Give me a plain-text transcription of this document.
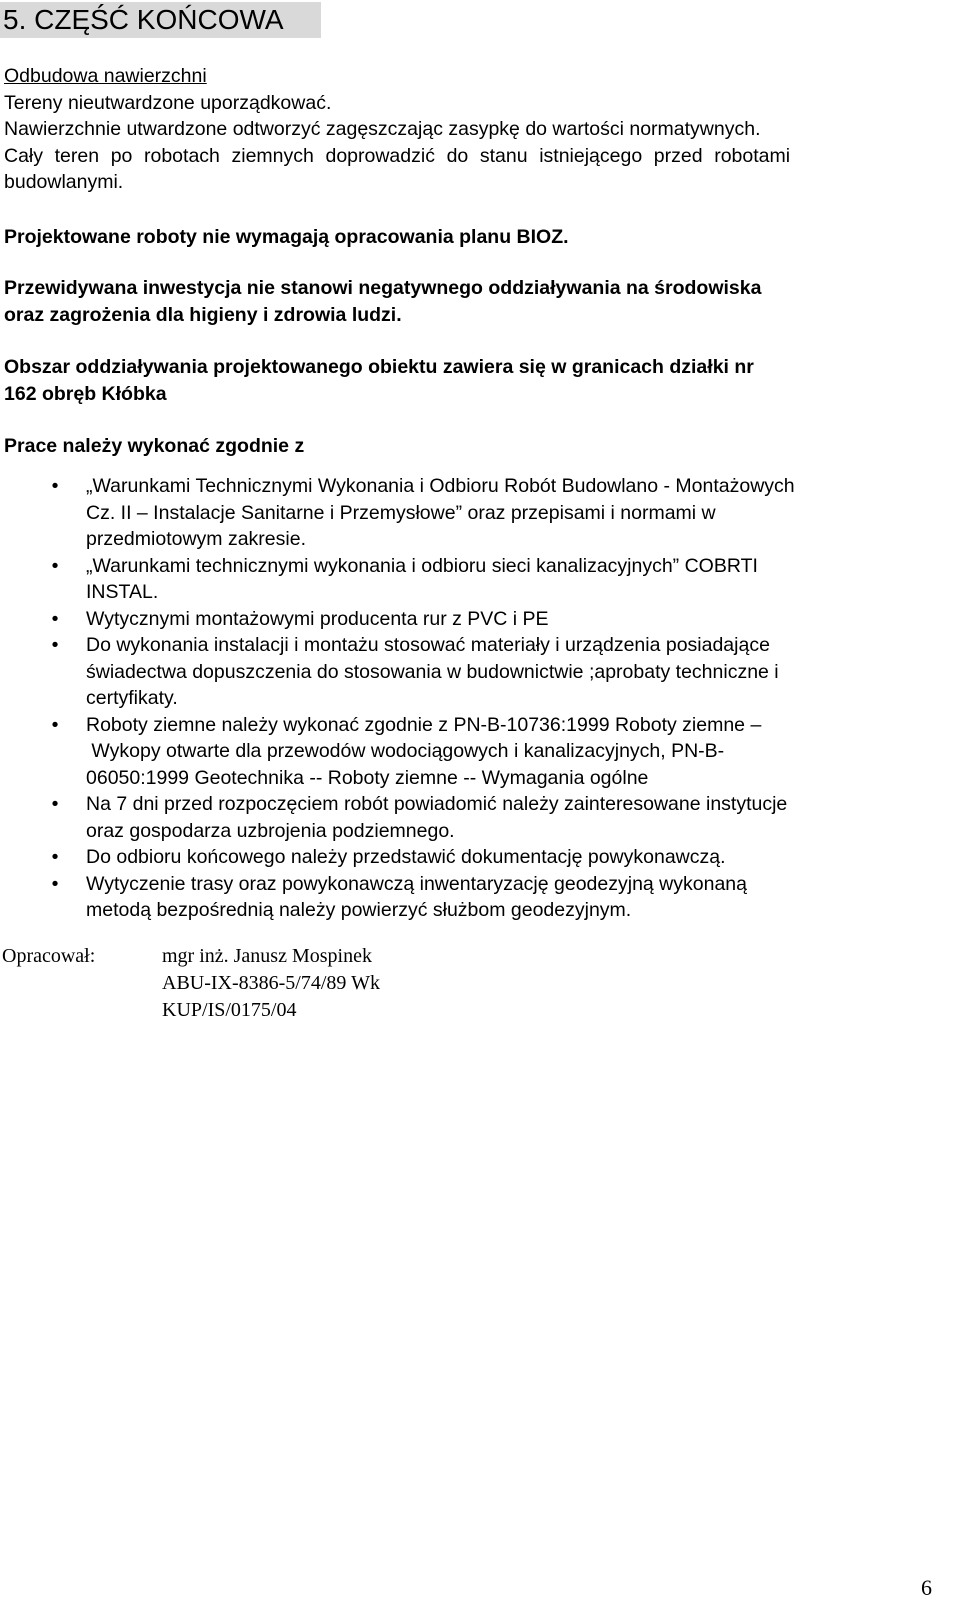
5. CZĘŚĆ KOŃCOWA
Odbudowa nawierzchni
Tereny nieutwardzone uporządkować.
Nawierzchnie utwardzone odtworzyć zagęszczając zasypkę do wartości normatywnych.
Cały teren po robotach ziemnych doprowadzić do stanu istniejącego przed robotami
budowlanymi.
Projektowane roboty nie wymagają opracowania planu BIOZ.
Przewidywana inwestycja nie stanowi negatywnego oddziaływania na środowiska
oraz zagrożenia dla higieny i zdrowia ludzi.
Obszar oddziaływania projektowanego obiektu zawiera się w granicach działki nr
162 obręb Kłóbka
Prace należy wykonać zgodnie z
• „Warunkami Technicznymi Wykonania i Odbioru Robót Budowlano - Montażowych
Cz. II – Instalacje Sanitarne i Przemysłowe” oraz przepisami i normami w
przedmiotowym zakresie.
• „Warunkami technicznymi wykonania i odbioru sieci kanalizacyjnych” COBRTI
INSTAL.
• Wytycznymi montażowymi producenta rur z PVC i PE
• Do wykonania instalacji i montażu stosować materiały i urządzenia posiadające
świadectwa dopuszczenia do stosowania w budownictwie ;aprobaty techniczne i
certyfikaty.
• Roboty ziemne należy wykonać zgodnie z PN-B-10736:1999 Roboty ziemne –
Wykopy otwarte dla przewodów wodociągowych i kanalizacyjnych, PN-B-
06050:1999 Geotechnika -- Roboty ziemne -- Wymagania ogólne
• Na 7 dni przed rozpoczęciem robót powiadomić należy zainteresowane instytucje
oraz gospodarza uzbrojenia podziemnego.
• Do odbioru końcowego należy przedstawić dokumentację powykonawczą.
• Wytyczenie trasy oraz powykonawczą inwentaryzację geodezyjną wykonaną
metodą bezpośrednią należy powierzyć służbom geodezyjnym.
Opracował:	mgr inż. Janusz Mospinek
ABU-IX-8386-5/74/89 Wk
KUP/IS/0175/04
6
